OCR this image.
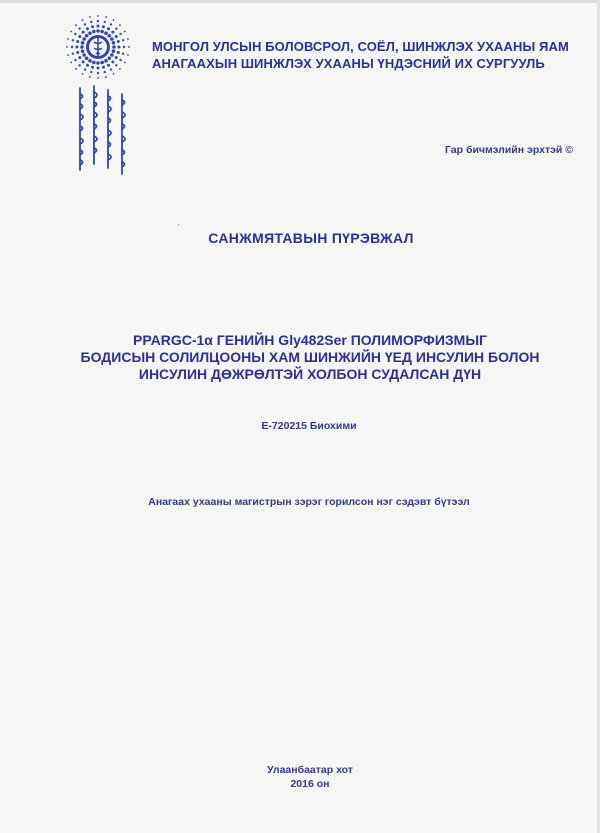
МОНГОЛ УЛСЫН БОЛОВСРОЛ, СОЁЛ, ШИНЖЛЭХ УХААНЫ ЯАМ
АНАГААХЫН ШИНЖЛЭХ УХААНЫ ҮНДЭСНИЙ ИХ СУРГУУЛЬ
Гар бичмэлийн эрхтэй ©
ˋ
САНЖМЯТАВЫН ПҮРЭВЖАЛ
PPARGC-1α ГЕНИЙН Gly482Ser ПОЛИМОРФИЗМЫГ
БОДИСЫН СОЛИЛЦООНЫ ХАМ ШИНЖИЙН ҮЕД ИНСУЛИН БОЛОН
ИНСУЛИН ДӨЖРӨЛТЭЙ ХОЛБОН СУДАЛСАН ДҮН
E-720215 Биохими
Анагаах ухааны магистрын зэрэг горилсон нэг сэдэвт бүтээл
Улаанбаатар хот
2016 он
